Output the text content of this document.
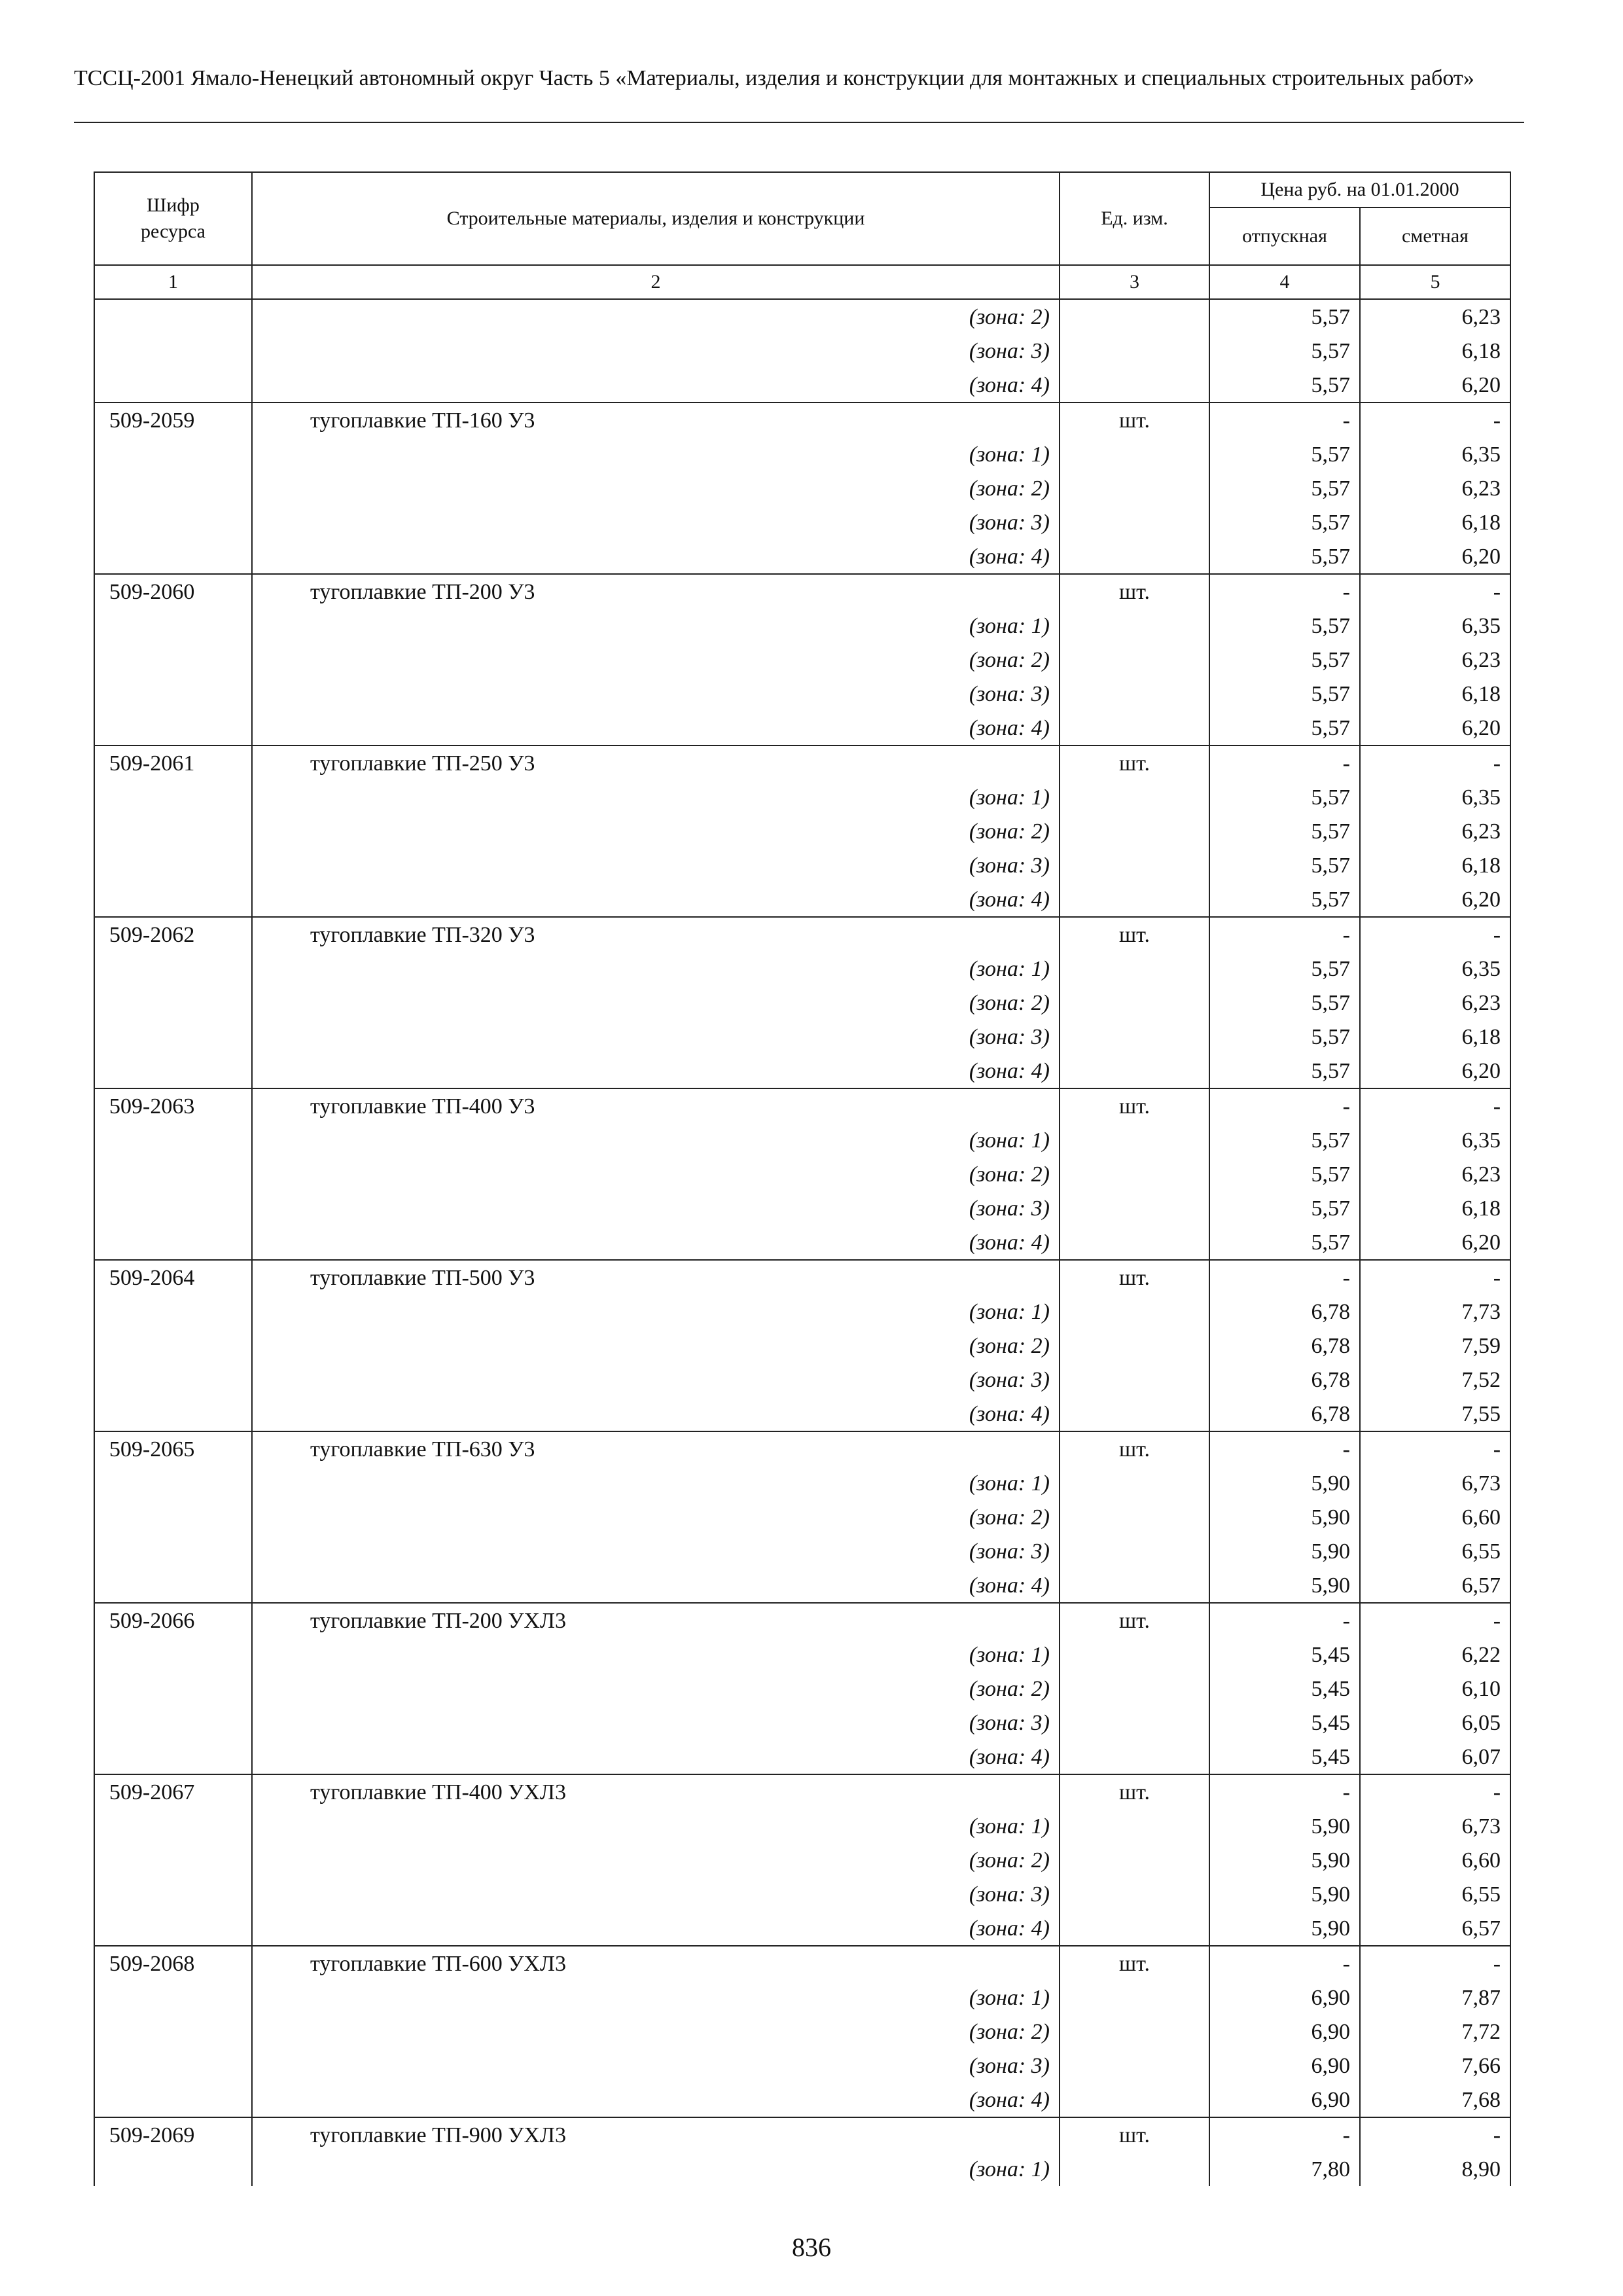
ТССЦ-2001 Ямало-Ненецкий автономный округ Часть 5 «Материалы, изделия и конструкции для монтажных и специальных строительных работ»
Шифр ресурса	Строительные материалы, изделия и конструкции	Ед. изм.	Цена руб. на 01.01.2000	
			отпускная	сметная
1	2	3	4	5
	(зона: 2)		5,57	6,23
	(зона: 3)		5,57	6,18
	(зона: 4)		5,57	6,20
509-2059	тугоплавкие ТП-160 У3	шт.	-	-
	(зона: 1)		5,57	6,35
	(зона: 2)		5,57	6,23
	(зона: 3)		5,57	6,18
	(зона: 4)		5,57	6,20
509-2060	тугоплавкие ТП-200 У3	шт.	-	-
	(зона: 1)		5,57	6,35
	(зона: 2)		5,57	6,23
	(зона: 3)		5,57	6,18
	(зона: 4)		5,57	6,20
509-2061	тугоплавкие ТП-250 У3	шт.	-	-
	(зона: 1)		5,57	6,35
	(зона: 2)		5,57	6,23
	(зона: 3)		5,57	6,18
	(зона: 4)		5,57	6,20
509-2062	тугоплавкие ТП-320 У3	шт.	-	-
	(зона: 1)		5,57	6,35
	(зона: 2)		5,57	6,23
	(зона: 3)		5,57	6,18
	(зона: 4)		5,57	6,20
509-2063	тугоплавкие ТП-400 У3	шт.	-	-
	(зона: 1)		5,57	6,35
	(зона: 2)		5,57	6,23
	(зона: 3)		5,57	6,18
	(зона: 4)		5,57	6,20
509-2064	тугоплавкие ТП-500 У3	шт.	-	-
	(зона: 1)		6,78	7,73
	(зона: 2)		6,78	7,59
	(зона: 3)		6,78	7,52
	(зона: 4)		6,78	7,55
509-2065	тугоплавкие ТП-630 У3	шт.	-	-
	(зона: 1)		5,90	6,73
	(зона: 2)		5,90	6,60
	(зона: 3)		5,90	6,55
	(зона: 4)		5,90	6,57
509-2066	тугоплавкие ТП-200 УХЛ3	шт.	-	-
	(зона: 1)		5,45	6,22
	(зона: 2)		5,45	6,10
	(зона: 3)		5,45	6,05
	(зона: 4)		5,45	6,07
509-2067	тугоплавкие ТП-400 УХЛ3	шт.	-	-
	(зона: 1)		5,90	6,73
	(зона: 2)		5,90	6,60
	(зона: 3)		5,90	6,55
	(зона: 4)		5,90	6,57
509-2068	тугоплавкие ТП-600 УХЛ3	шт.	-	-
	(зона: 1)		6,90	7,87
	(зона: 2)		6,90	7,72
	(зона: 3)		6,90	7,66
	(зона: 4)		6,90	7,68
509-2069	тугоплавкие ТП-900 УХЛ3	шт.	-	-
	(зона: 1)		7,80	8,90
836
